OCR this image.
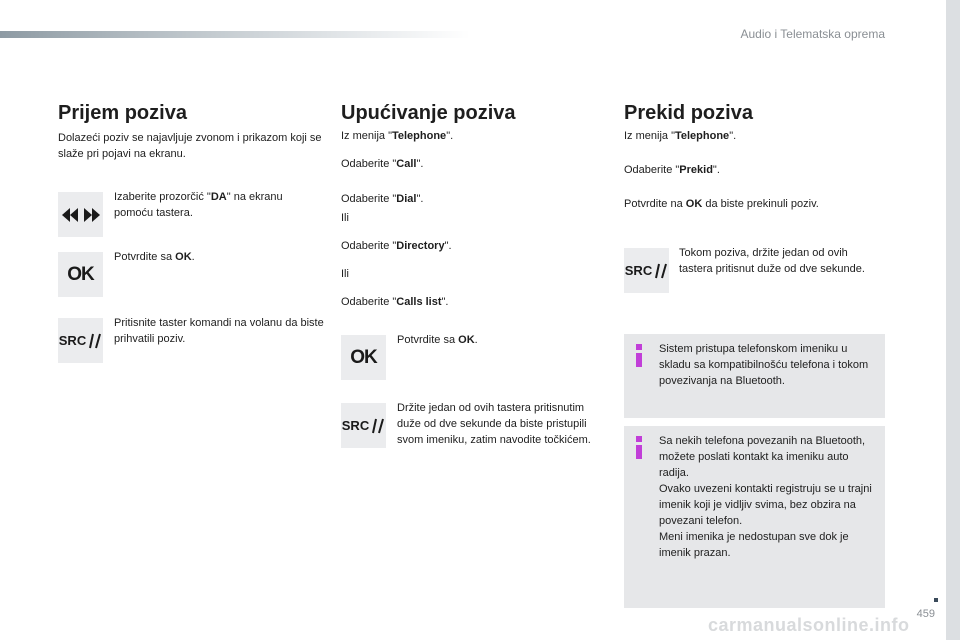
Audio i Telematska oprema
Prijem poziva

Dolazeći poziv se najavljuje zvonom i prikazom koji se slaže pri pojavi na ekranu.

Izaberite prozorčić "DA" na ekranu pomoću tastera.

OK

Potvrdite sa OK.

SRC

Pritisnite taster komandi na volanu da biste prihvatili poziv.

Upućivanje poziva

Iz menija "Telephone".

Odaberite "Call".

Odaberite "Dial".

Ili

Odaberite "Directory".

Ili

Odaberite "Calls list".

OK

Potvrdite sa OK.

SRC

Držite jedan od ovih tastera pritisnutim duže od dve sekunde da biste pristupili svom imeniku, zatim navodite točkićem.

Prekid poziva

Iz menija "Telephone".

Odaberite "Prekid".

Potvrdite na OK da biste prekinuli poziv.

SRC

Tokom poziva, držite jedan od ovih tastera pritisnut duže od dve sekunde.

Sistem pristupa telefonskom imeniku u skladu sa kompatibilnošću telefona i tokom povezivanja na Bluetooth.

Sa nekih telefona povezanih na Bluetooth, možete poslati kontakt ka imeniku auto radija.
Ovako uvezeni kontakti registruju se u trajni imenik koji je vidljiv svima, bez obzira na povezani telefon.
Meni imenika je nedostupan sve dok je imenik prazan.

459
carmanualsonline.info
